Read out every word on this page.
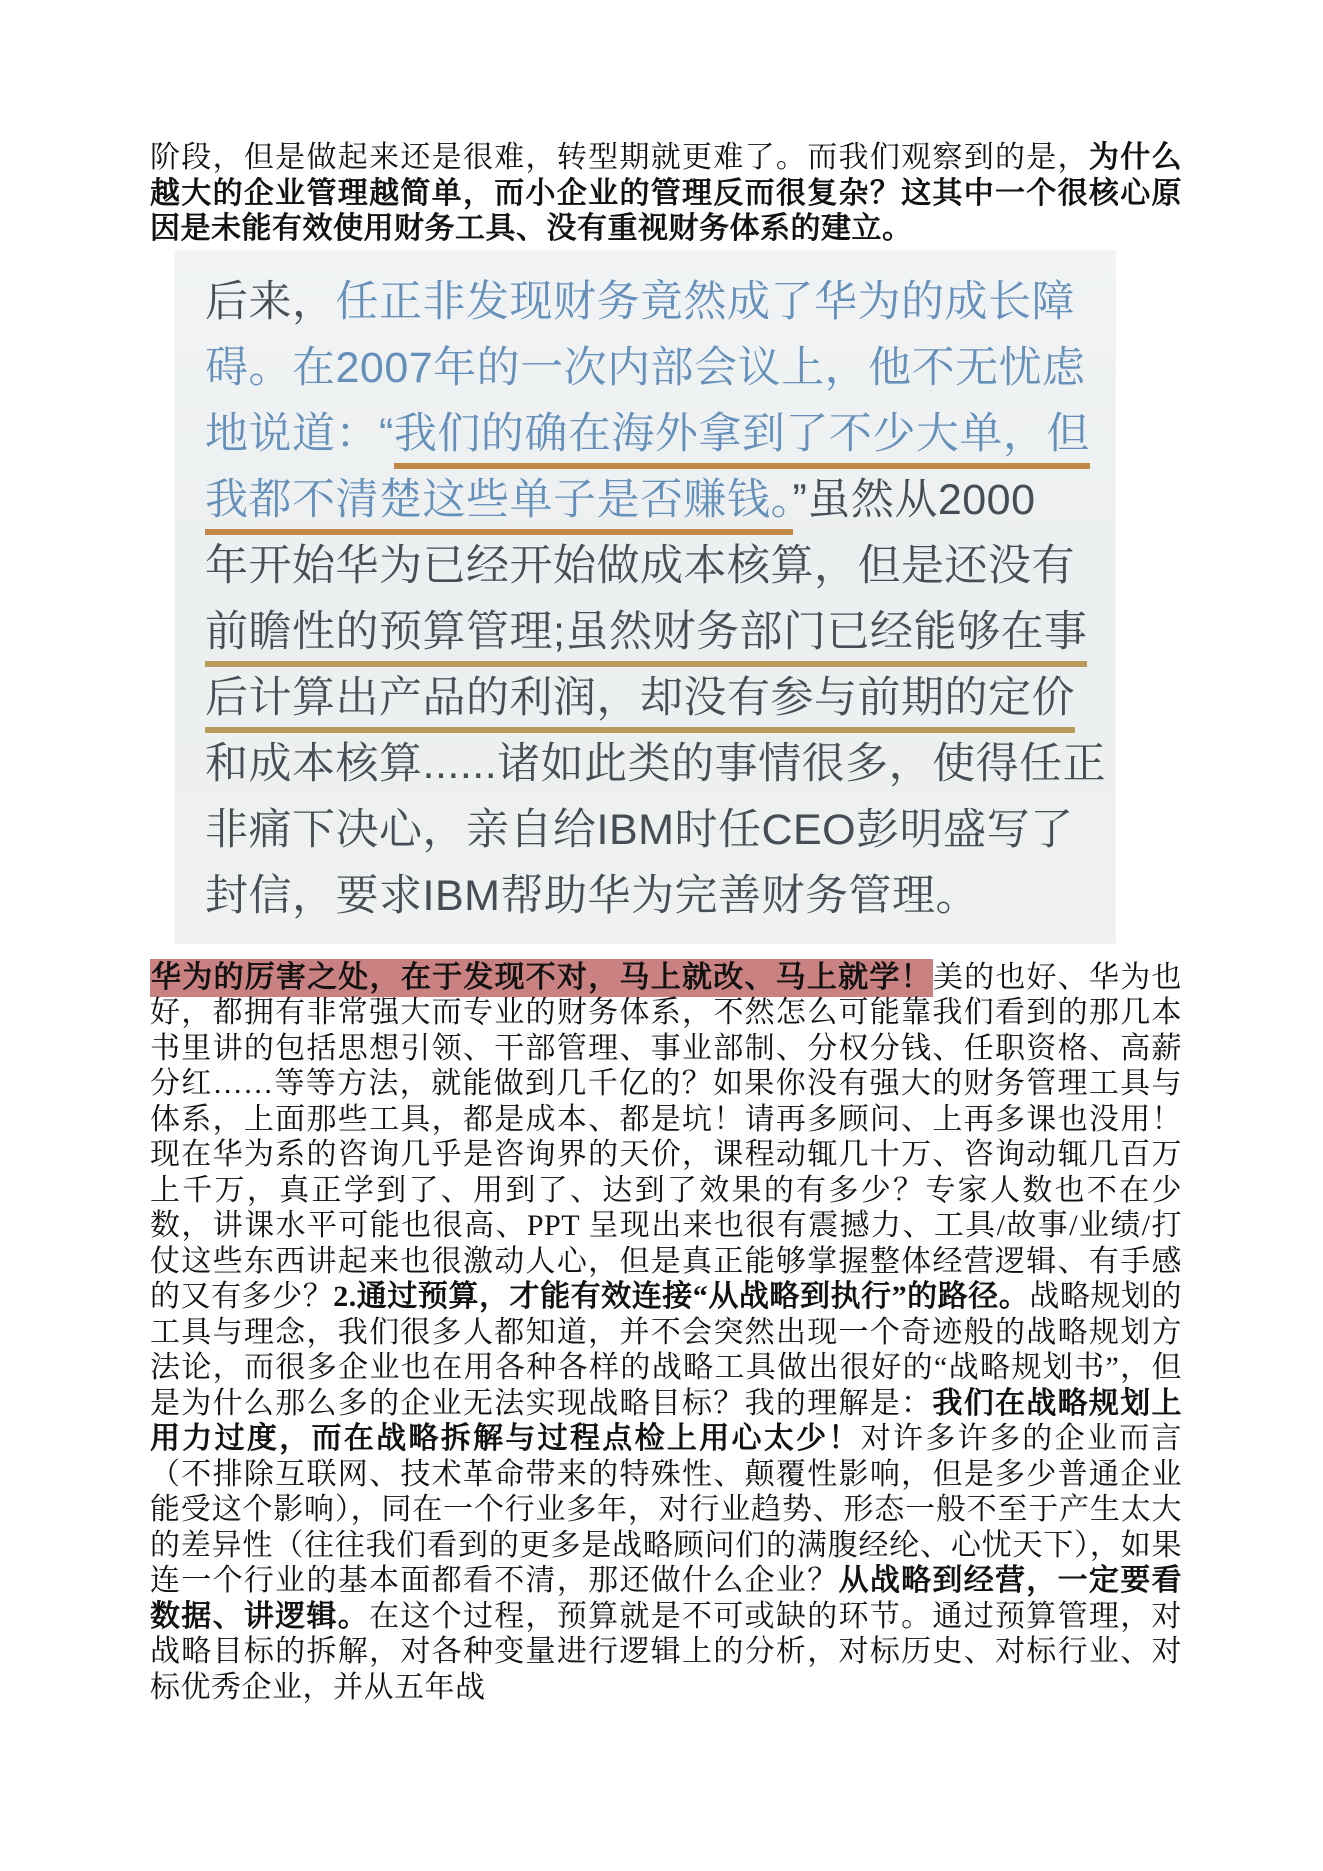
阶段，但是做起来还是很难，转型期就更难了。而我们观察到的是，为什么越大的企业管理越简单，而小企业的管理反而很复杂？这其中一个很核心原因是未能有效使用财务工具、没有重视财务体系的建立。
后来，任正非发现财务竟然成了华为的成长障
碍。在2007年的一次内部会议上，他不无忧虑
地说道：“我们的确在海外拿到了不少大单，但
我都不清楚这些单子是否赚钱。”虽然从2000
年开始华为已经开始做成本核算，但是还没有
前瞻性的预算管理;虽然财务部门已经能够在事
后计算出产品的利润，却没有参与前期的定价
和成本核算......诸如此类的事情很多，使得任正
非痛下决心，亲自给IBM时任CEO彭明盛写了
封信，要求IBM帮助华为完善财务管理。
华为的厉害之处，在于发现不对，马上就改、马上就学！美的也好、华为也好，都拥有非常强大而专业的财务体系，不然怎么可能靠我们看到的那几本书里讲的包括思想引领、干部管理、事业部制、分权分钱、任职资格、高薪分红……等等方法，就能做到几千亿的？如果你没有强大的财务管理工具与体系，上面那些工具，都是成本、都是坑！请再多顾问、上再多课也没用！现在华为系的咨询几乎是咨询界的天价，课程动辄几十万、咨询动辄几百万上千万，真正学到了、用到了、达到了效果的有多少？专家人数也不在少数，讲课水平可能也很高、PPT 呈现出来也很有震撼力、工具/故事/业绩/打仗这些东西讲起来也很激动人心，但是真正能够掌握整体经营逻辑、有手感的又有多少？2.通过预算，才能有效连接“从战略到执行”的路径。战略规划的工具与理念，我们很多人都知道，并不会突然出现一个奇迹般的战略规划方法论，而很多企业也在用各种各样的战略工具做出很好的“战略规划书”，但是为什么那么多的企业无法实现战略目标？我的理解是：我们在战略规划上用力过度，而在战略拆解与过程点检上用心太少！对许多许多的企业而言（不排除互联网、技术革命带来的特殊性、颠覆性影响，但是多少普通企业能受这个影响），同在一个行业多年，对行业趋势、形态一般不至于产生太大的差异性（往往我们看到的更多是战略顾问们的满腹经纶、心忧天下），如果连一个行业的基本面都看不清，那还做什么企业？从战略到经营，一定要看数据、讲逻辑。在这个过程，预算就是不可或缺的环节。通过预算管理，对战略目标的拆解，对各种变量进行逻辑上的分析，对标历史、对标行业、对标优秀企业，并从五年战
